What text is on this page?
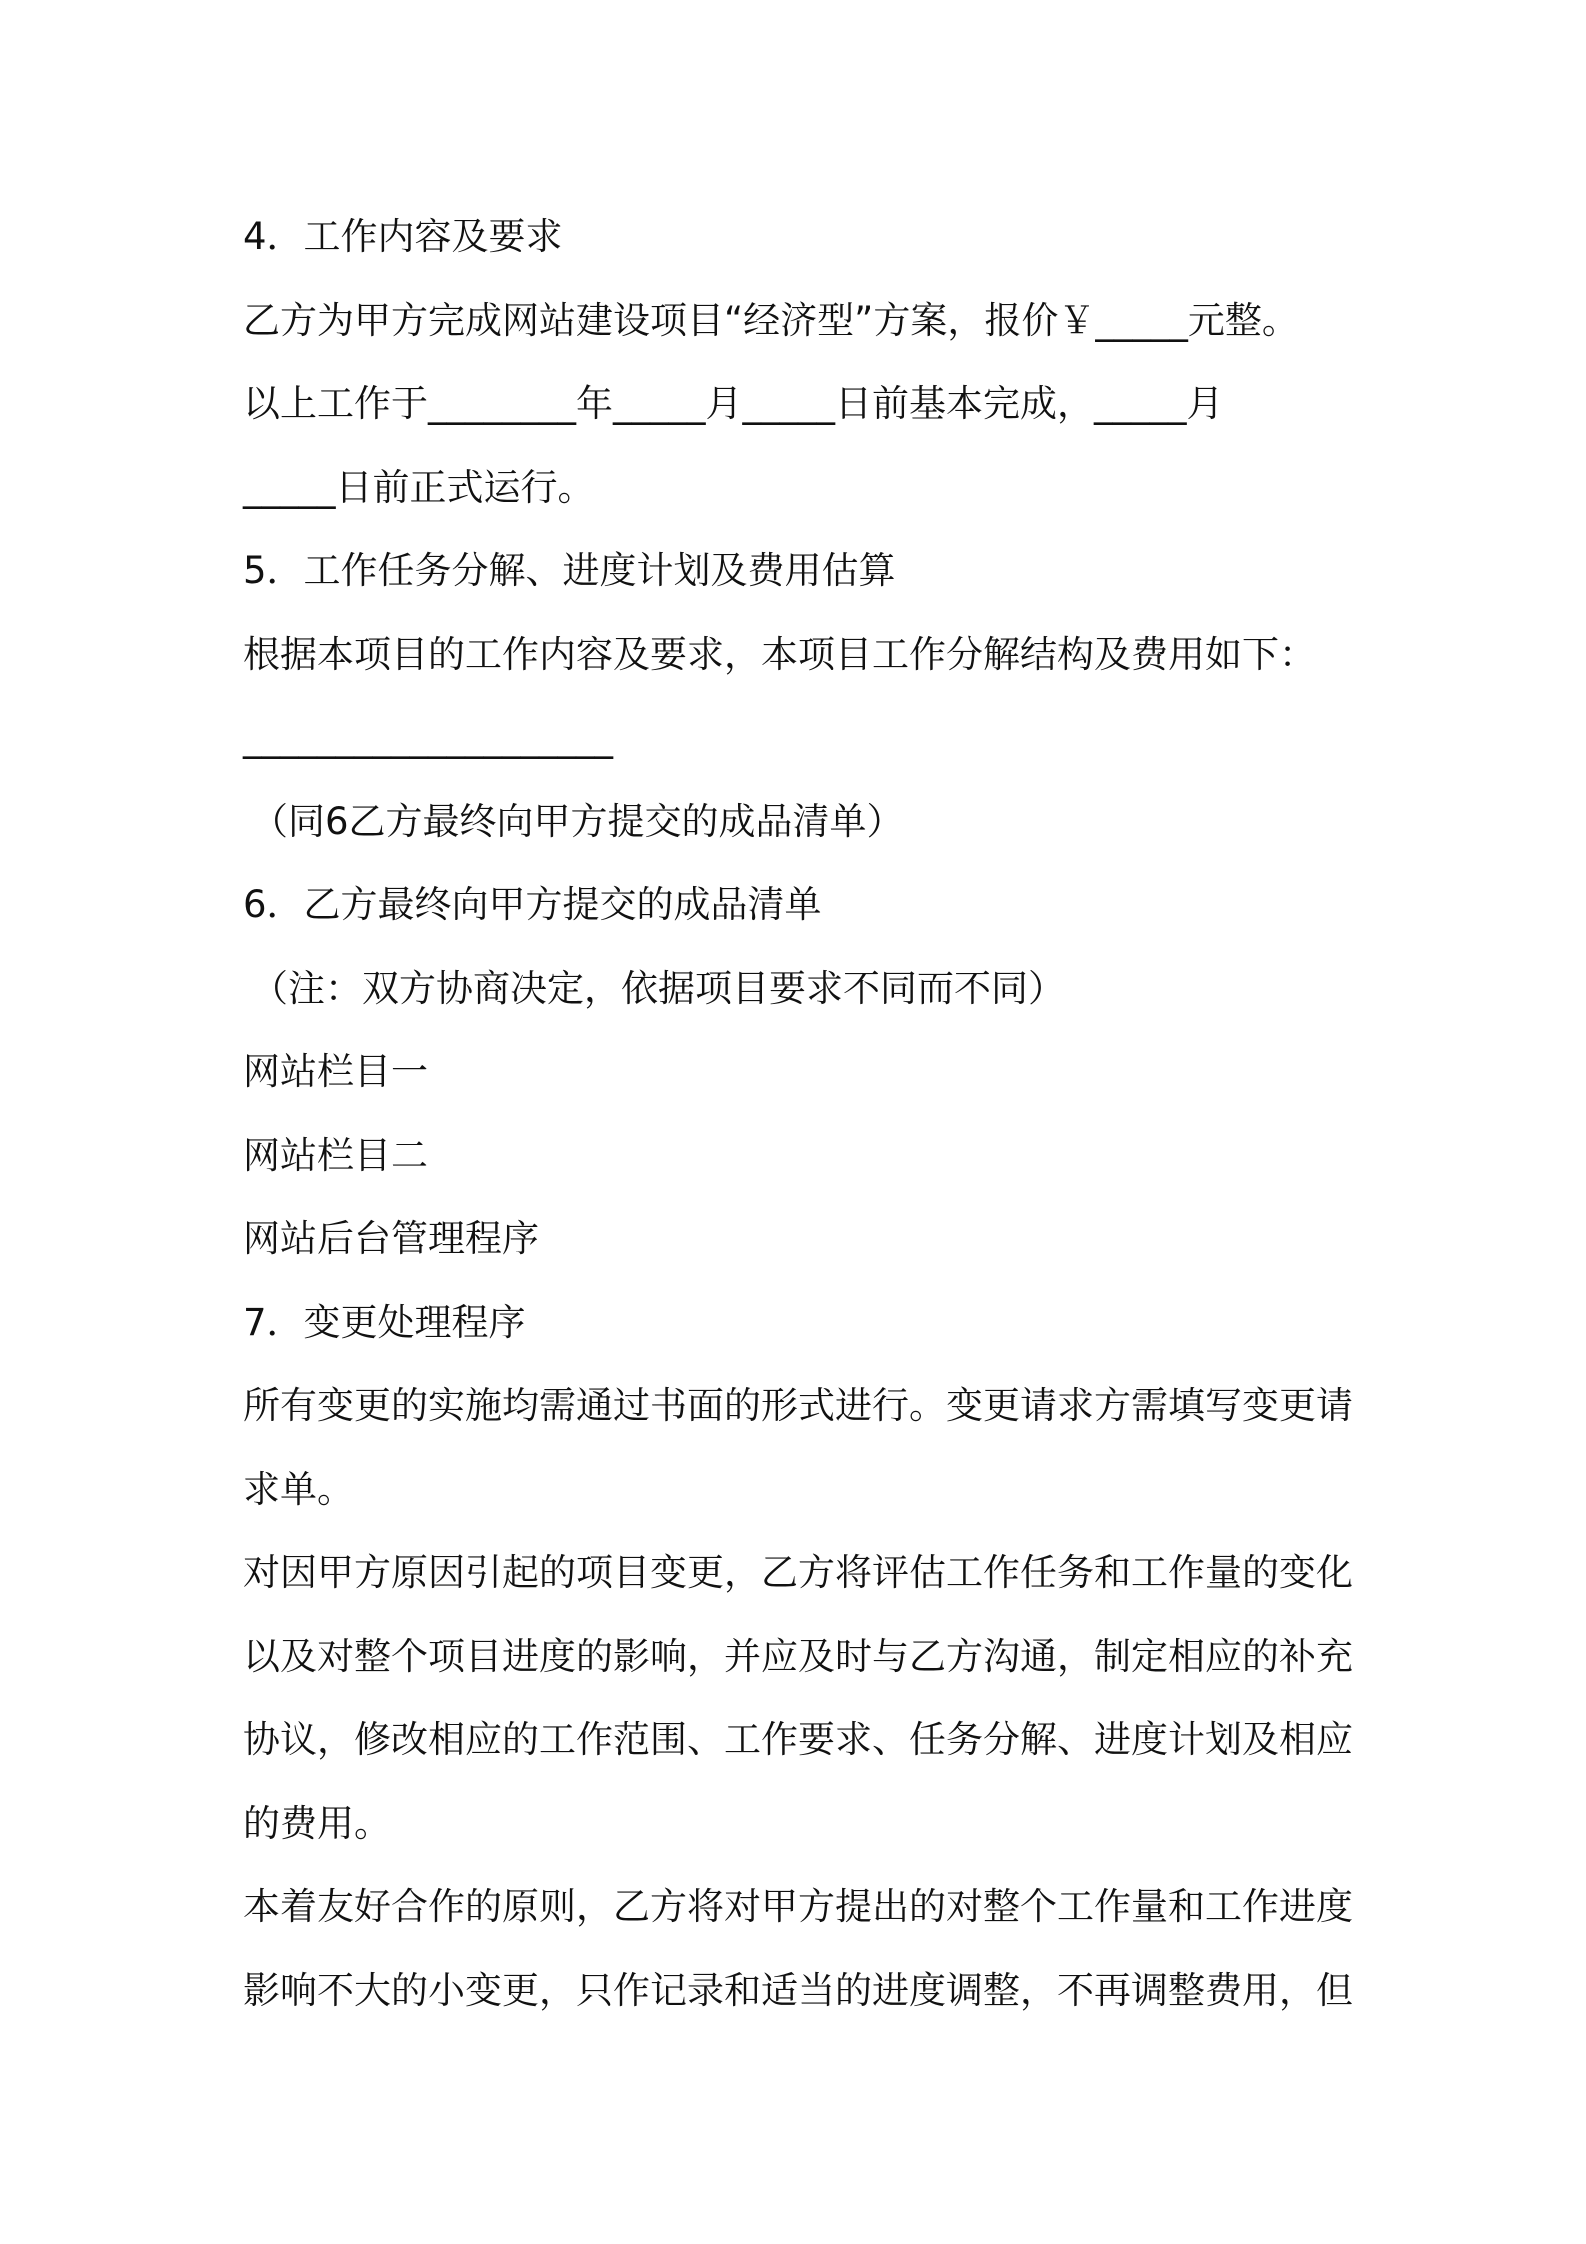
4．工作内容及要求
乙方为甲方完成网站建设项目“经济型”方案，报价￥_____元整。
以上工作于________年_____月_____日前基本完成，_____月
_____日前正式运行。
5．工作任务分解、进度计划及费用估算
根据本项目的工作内容及要求，本项目工作分解结构及费用如下：
____________________
（同6乙方最终向甲方提交的成品清单）
6．乙方最终向甲方提交的成品清单
（注：双方协商决定，依据项目要求不同而不同）
网站栏目一
网站栏目二
网站后台管理程序
7．变更处理程序
所有变更的实施均需通过书面的形式进行。变更请求方需填写变更请
求单。
对因甲方原因引起的项目变更，乙方将评估工作任务和工作量的变化
以及对整个项目进度的影响，并应及时与乙方沟通，制定相应的补充
协议，修改相应的工作范围、工作要求、任务分解、进度计划及相应
的费用。
本着友好合作的原则，乙方将对甲方提出的对整个工作量和工作进度
影响不大的小变更，只作记录和适当的进度调整，不再调整费用，但
